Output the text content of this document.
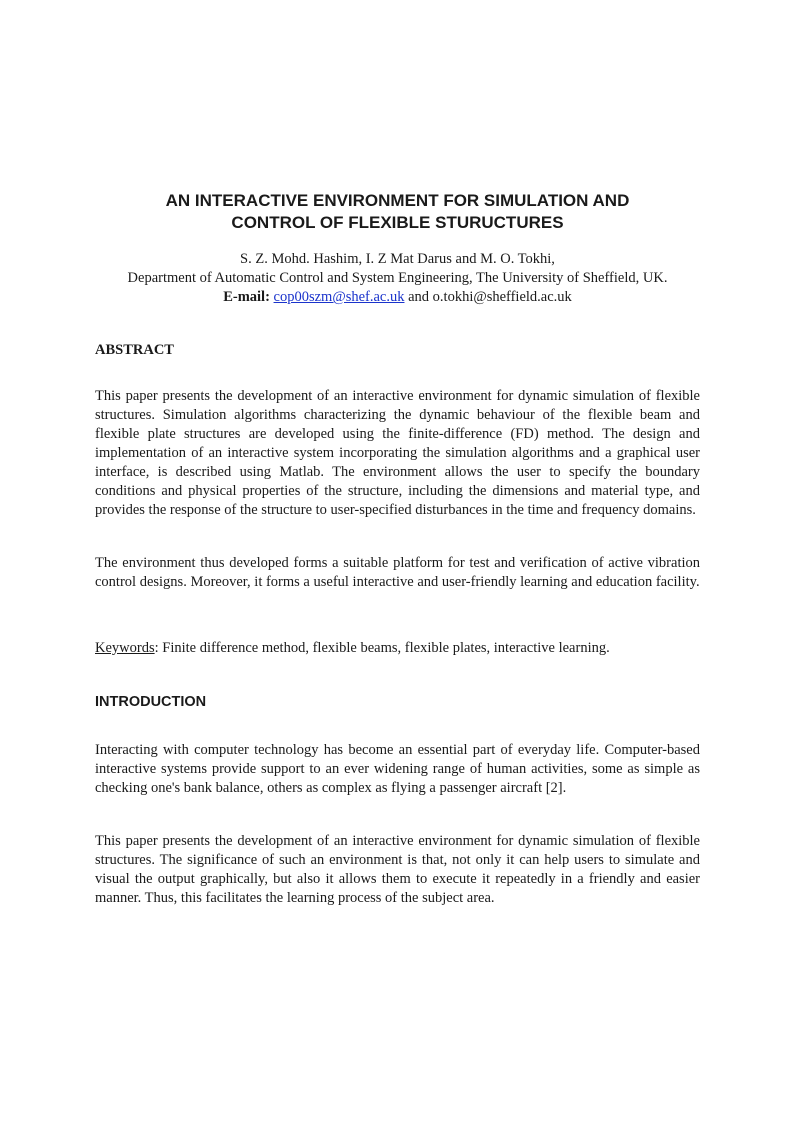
AN INTERACTIVE ENVIRONMENT FOR SIMULATION AND
CONTROL OF FLEXIBLE STURUCTURES
S. Z. Mohd. Hashim, I. Z Mat Darus and M. O. Tokhi,
Department of Automatic Control and System Engineering, The University of Sheffield, UK.
E-mail: cop00szm@shef.ac.uk and o.tokhi@sheffield.ac.uk
ABSTRACT

This paper presents the development of an interactive environment for dynamic simulation of flexible structures. Simulation algorithms characterizing the dynamic behaviour of the flexible beam and flexible plate structures are developed using the finite-difference (FD) method. The design and implementation of an interactive system incorporating the simulation algorithms and a graphical user interface, is described using Matlab. The environment allows the user to specify the boundary conditions and physical properties of the structure, including the dimensions and material type, and provides the response of the structure to user-specified disturbances in the time and frequency domains.

The environment thus developed forms a suitable platform for test and verification of active vibration control designs. Moreover, it forms a useful interactive and user-friendly learning and education facility.

Keywords: Finite difference method, flexible beams, flexible plates, interactive learning.

INTRODUCTION

Interacting with computer technology has become an essential part of everyday life. Computer-based interactive systems provide support to an ever widening range of human activities, some as simple as checking one's bank balance, others as complex as flying a passenger aircraft [2].

This paper presents the development of an interactive environment for dynamic simulation of flexible structures. The significance of such an environment is that, not only it can help users to simulate and visual the output graphically, but also it allows them to execute it repeatedly in a friendly and easier manner. Thus, this facilitates the learning process of the subject area.
